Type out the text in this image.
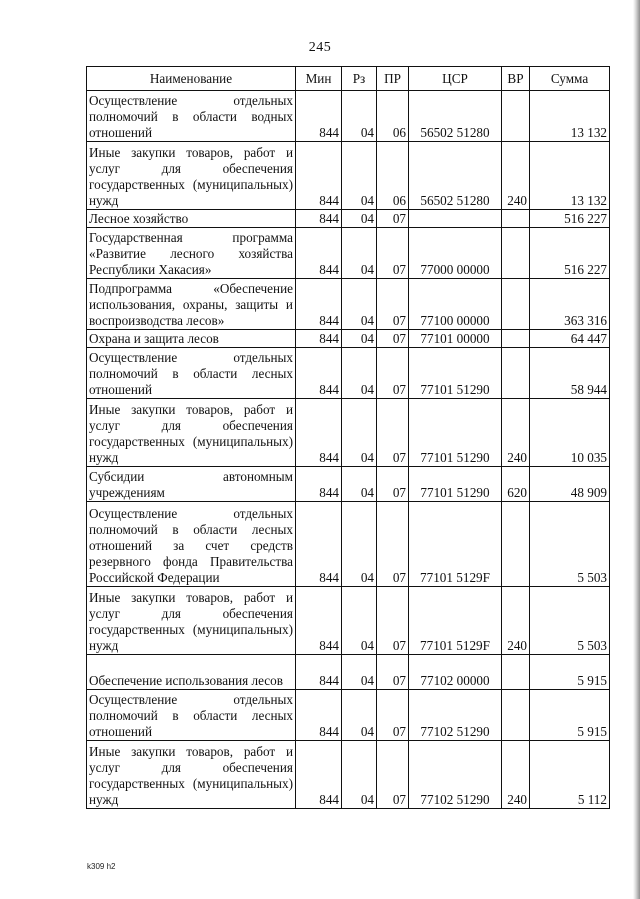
245
Наименование	Мин	Рз	ПР	ЦСР	ВР	Сумма
Осуществление отдельных полномочий в области водных отношений	844	04	06	56502 51280		13 132
Иные закупки товаров, работ и услуг для обеспечения государственных (муниципальных) нужд	844	04	06	56502 51280	240	13 132
Лесное хозяйство	844	04	07			516 227
Государственная программа «Развитие лесного хозяйства Республики Хакасия»	844	04	07	77000 00000		516 227
Подпрограмма «Обеспечение использования, охраны, защиты и воспроизводства лесов»	844	04	07	77100 00000		363 316
Охрана и защита лесов	844	04	07	77101 00000		64 447
Осуществление отдельных полномочий в области лесных отношений	844	04	07	77101 51290		58 944
Иные закупки товаров, работ и услуг для обеспечения государственных (муниципальных) нужд	844	04	07	77101 51290	240	10 035
Субсидии автономным учреждениям	844	04	07	77101 51290	620	48 909
Осуществление отдельных полномочий в области лесных отношений за счет средств резервного фонда Правительства Российской Федерации	844	04	07	77101 5129F		5 503
Иные закупки товаров, работ и услуг для обеспечения государственных (муниципальных) нужд	844	04	07	77101 5129F	240	5 503
Обеспечение использования лесов	844	04	07	77102 00000		5 915
Осуществление отдельных полномочий в области лесных отношений	844	04	07	77102 51290		5 915
Иные закупки товаров, работ и услуг для обеспечения государственных (муниципальных) нужд	844	04	07	77102 51290	240	5 112
k309 h2
